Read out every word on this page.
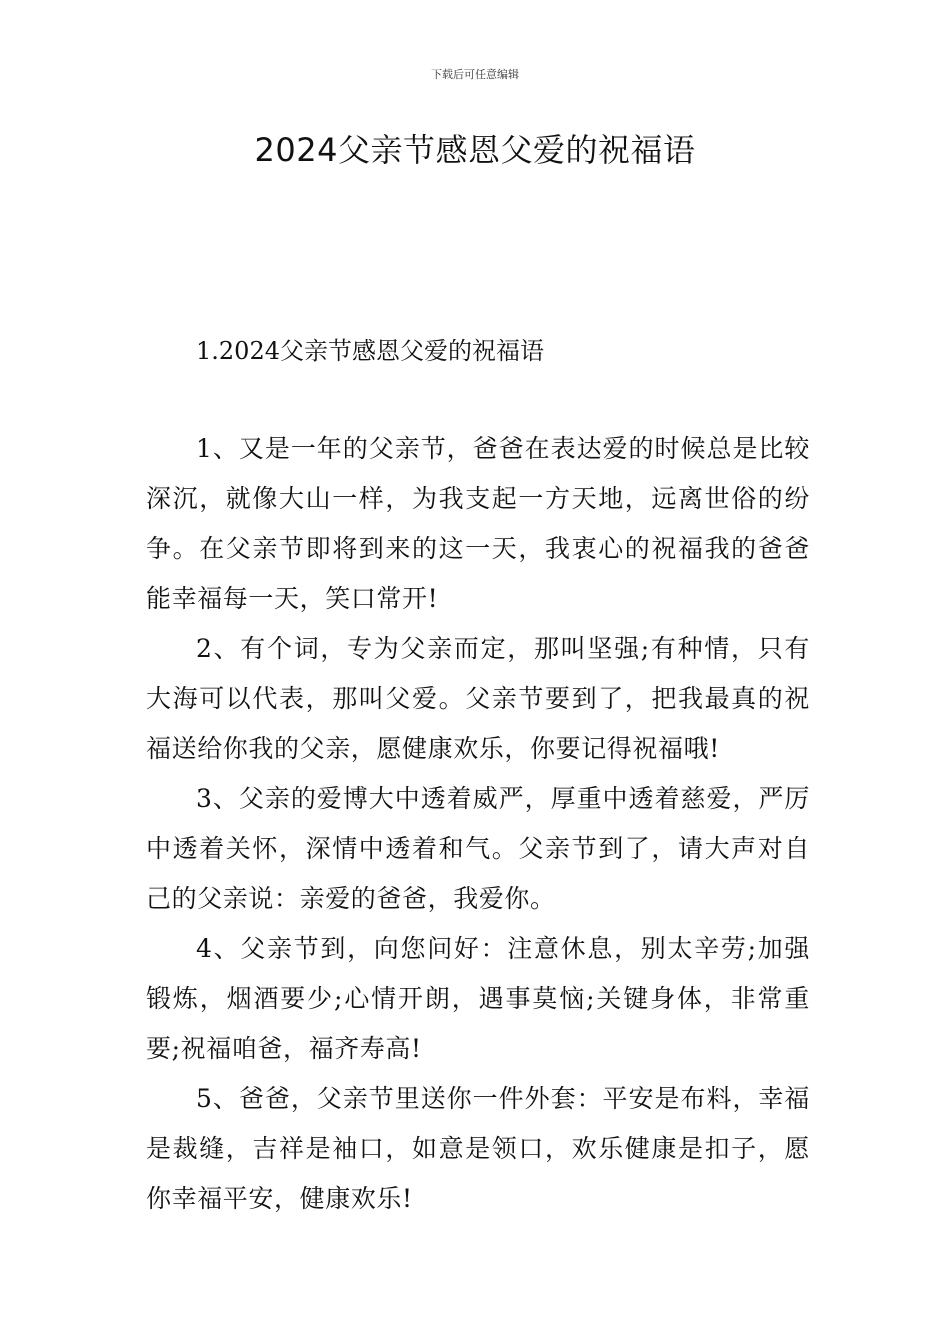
下载后可任意编辑
2024父亲节感恩父爱的祝福语
1.2024父亲节感恩父爱的祝福语

1、又是一年的父亲节，爸爸在表达爱的时候总是比较深沉，就像大山一样，为我支起一方天地，远离世俗的纷争。在父亲节即将到来的这一天，我衷心的祝福我的爸爸能幸福每一天，笑口常开!

2、有个词，专为父亲而定，那叫坚强;有种情，只有大海可以代表，那叫父爱。父亲节要到了，把我最真的祝福送给你我的父亲，愿健康欢乐，你要记得祝福哦!

3、父亲的爱博大中透着威严，厚重中透着慈爱，严厉中透着关怀，深情中透着和气。父亲节到了，请大声对自己的父亲说：亲爱的爸爸，我爱你。

4、父亲节到，向您问好：注意休息，别太辛劳;加强锻炼，烟酒要少;心情开朗，遇事莫恼;关键身体，非常重要;祝福咱爸，福齐寿高!

5、爸爸，父亲节里送你一件外套：平安是布料，幸福是裁缝，吉祥是袖口，如意是领口，欢乐健康是扣子，愿你幸福平安，健康欢乐!
